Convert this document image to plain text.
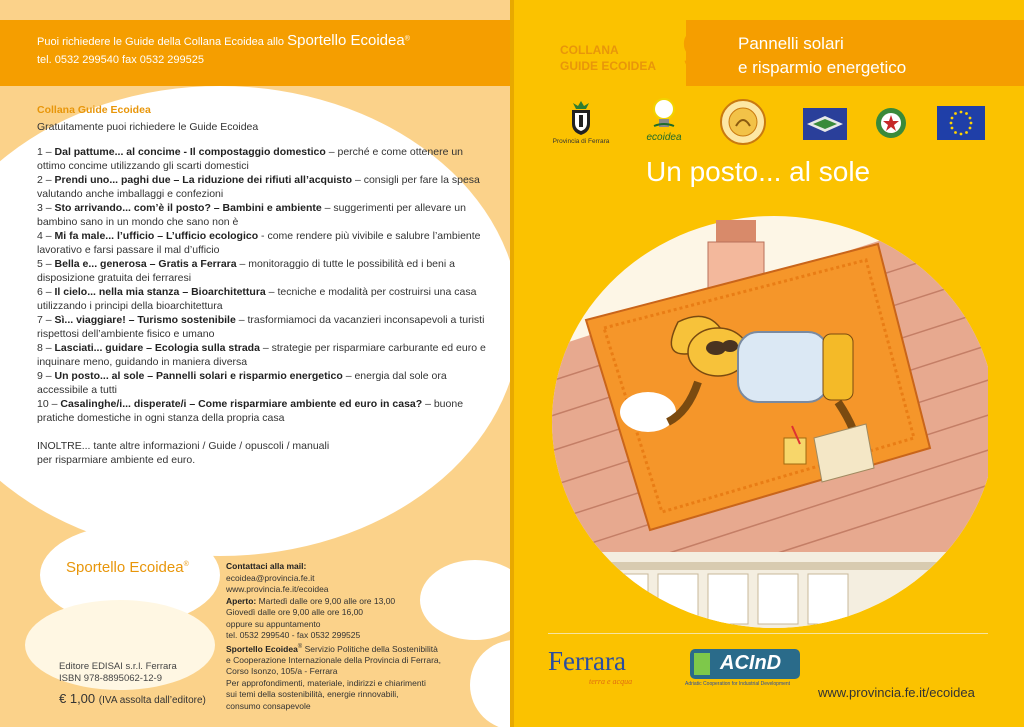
Puoi richiedere le Guide della Collana Ecoidea allo Sportello Ecoidea®
tel. 0532 299540 fax 0532 299525
Collana Guide Ecoidea
Gratuitamente puoi richiedere le Guide Ecoidea
1 – Dal pattume... al concime - Il compostaggio domestico – perché e come ottenere un ottimo concime utilizzando gli scarti domestici
2 – Prendi uno... paghi due – La riduzione dei rifiuti all’acquisto – consigli per fare la spesa valutando anche imballaggi e confezioni
3 – Sto arrivando... com’è il posto? – Bambini e ambiente – suggerimenti per allevare un bambino sano in un mondo che sano non è
4 – Mi fa male... l’ufficio – L’ufficio ecologico - come rendere più vivibile e salubre l’ambiente lavorativo e farsi passare il mal d’ufficio
5 – Bella e... generosa – Gratis a Ferrara – monitoraggio di tutte le possibilità ed i beni a disposizione gratuita dei ferraresi
6 – Il cielo... nella mia stanza – Bioarchitettura – tecniche e modalità per costruirsi una casa utilizzando i principi della bioarchitettura
7 – Sì... viaggiare! – Turismo sostenibile – trasformiamoci da vacanzieri inconsapevoli a turisti rispettosi dell’ambiente fisico e umano
8 – Lasciati... guidare – Ecologia sulla strada – strategie per risparmiare carburante ed euro e inquinare meno, guidando in maniera diversa
9 – Un posto... al sole – Pannelli solari e risparmio energetico – energia dal sole ora accessibile a tutti
10 – Casalinghe/i... disperate/i – Come risparmiare ambiente ed euro in casa? – buone pratiche domestiche in ogni stanza della propria casa
INOLTRE... tante altre informazioni / Guide / opuscoli / manuali
per risparmiare ambiente ed euro.
Sportello Ecoidea®
Editore EDISAI s.r.l. Ferrara
ISBN 978-8895062-12-9
€ 1,00 (IVA assolta dall’editore)
Contattaci alla mail:
ecoidea@provincia.fe.it
www.provincia.fe.it/ecoidea
Aperto: Martedì dalle ore 9,00 alle ore 13,00
Giovedì dalle ore 9,00 alle ore 16,00
oppure su appuntamento
tel. 0532 299540 - fax 0532 299525
Sportello Ecoidea® Servizio Politiche della Sostenibilità
e Cooperazione Internazionale della Provincia di Ferrara,
Corso Isonzo, 105/a - Ferrara
Per approfondimenti, materiale, indirizzi e chiarimenti
sui temi della sostenibilità, energie rinnovabili,
consumo consapevole
COLLANA
GUIDE ECOIDEA
Pannelli solari
e risparmio energetico
9
Provincia di Ferrara	ecoidea
Un posto... al sole
Ferrara
terra e acqua
ACInD
Adriatic Cooperation for Industrial Development
www.provincia.fe.it/ecoidea
